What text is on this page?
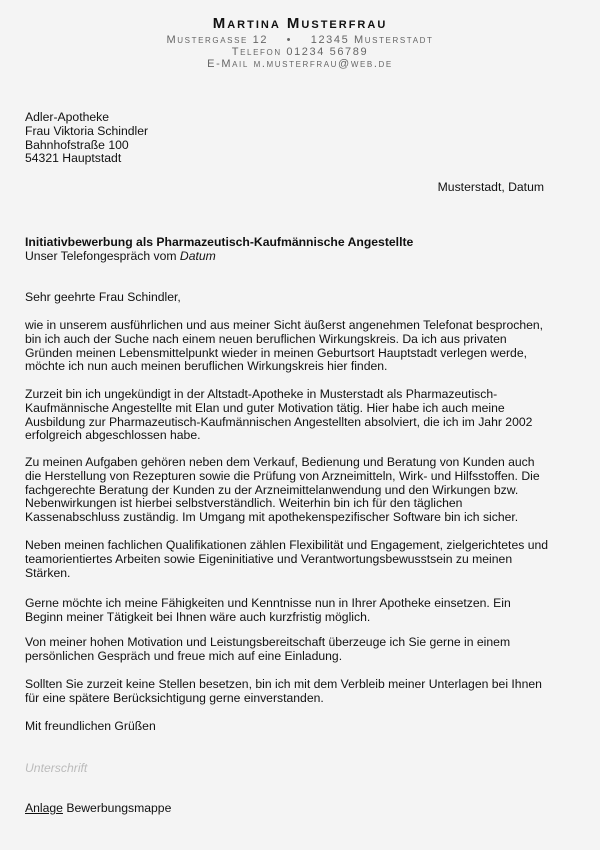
Martina Musterfrau
Mustergasse 12 • 12345 Musterstadt
Telefon 01234 56789
E-Mail m.musterfrau@web.de
Adler-Apotheke
Frau Viktoria Schindler
Bahnhofstraße 100
54321 Hauptstadt
Musterstadt, Datum
Initiativbewerbung als Pharmazeutisch-Kaufmännische Angestellte
Unser Telefongespräch vom Datum
Sehr geehrte Frau Schindler,
wie in unserem ausführlichen und aus meiner Sicht äußerst angenehmen Telefonat besprochen,
bin ich auch der Suche nach einem neuen beruflichen Wirkungskreis. Da ich aus privaten
Gründen meinen Lebensmittelpunkt wieder in meinen Geburtsort Hauptstadt verlegen werde,
möchte ich nun auch meinen beruflichen Wirkungskreis hier finden.
Zurzeit bin ich ungekündigt in der Altstadt-Apotheke in Musterstadt als Pharmazeutisch-
Kaufmännische Angestellte mit Elan und guter Motivation tätig. Hier habe ich auch meine
Ausbildung zur Pharmazeutisch-Kaufmännischen Angestellten absolviert, die ich im Jahr 2002
erfolgreich abgeschlossen habe.
Zu meinen Aufgaben gehören neben dem Verkauf, Bedienung und Beratung von Kunden auch
die Herstellung von Rezepturen sowie die Prüfung von Arzneimitteln, Wirk- und Hilfsstoffen. Die
fachgerechte Beratung der Kunden zu der Arzneimittelanwendung und den Wirkungen bzw.
Nebenwirkungen ist hierbei selbstverständlich. Weiterhin bin ich für den täglichen
Kassenabschluss zuständig. Im Umgang mit apothekenspezifischer Software bin ich sicher.
Neben meinen fachlichen Qualifikationen zählen Flexibilität und Engagement, zielgerichtetes und
teamorientiertes Arbeiten sowie Eigeninitiative und Verantwortungsbewusstsein zu meinen
Stärken.
Gerne möchte ich meine Fähigkeiten und Kenntnisse nun in Ihrer Apotheke einsetzen. Ein
Beginn meiner Tätigkeit bei Ihnen wäre auch kurzfristig möglich.
Von meiner hohen Motivation und Leistungsbereitschaft überzeuge ich Sie gerne in einem
persönlichen Gespräch und freue mich auf eine Einladung.
Sollten Sie zurzeit keine Stellen besetzen, bin ich mit dem Verbleib meiner Unterlagen bei Ihnen
für eine spätere Berücksichtigung gerne einverstanden.
Mit freundlichen Grüßen
Unterschrift
Anlage Bewerbungsmappe
